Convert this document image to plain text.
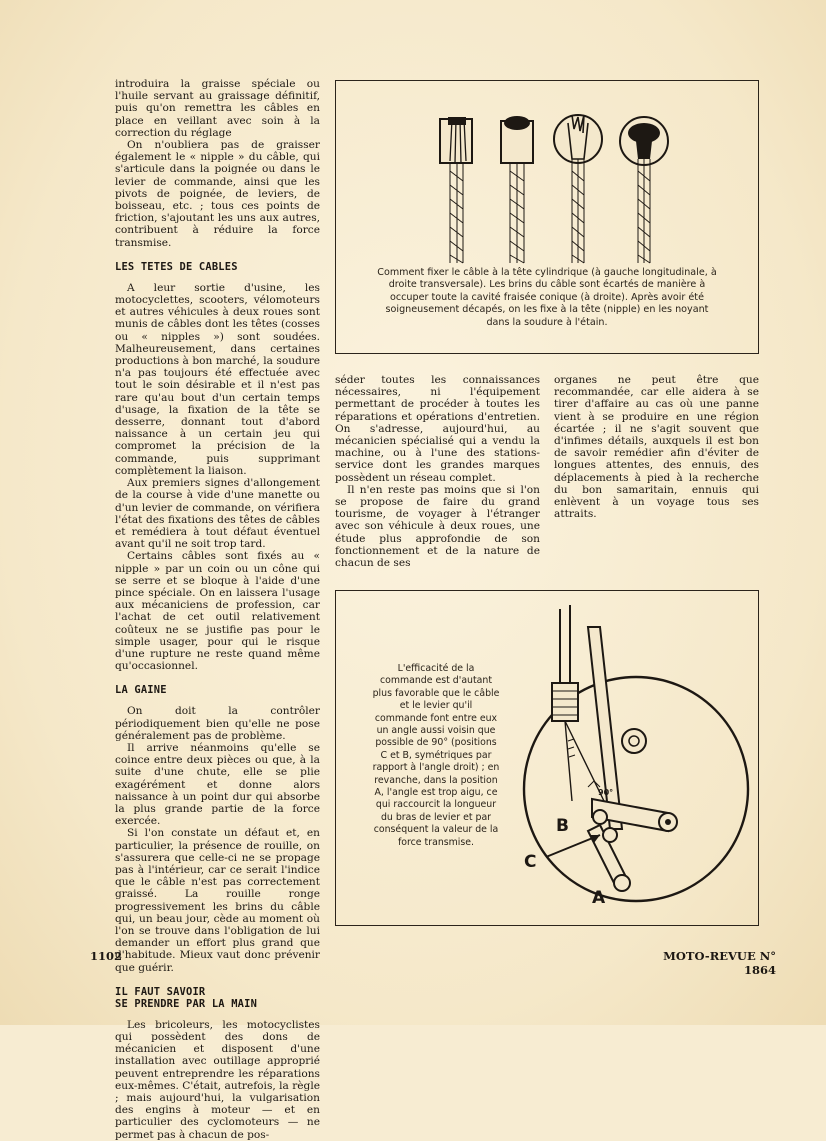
introduira la graisse spéciale ou l'huile servant au graissage définitif, puis qu'on remettra les câbles en place en veillant avec soin à la correction du réglage

On n'oubliera pas de graisser également le « nipple » du câble, qui s'articule dans la poignée ou dans le levier de commande, ainsi que les pivots de poignée, de leviers, de boisseau, etc. ; tous ces points de friction, s'ajoutant les uns aux autres, contribuent à réduire la force transmise.

LES TETES DE CABLES

A leur sortie d'usine, les motocyclettes, scooters, vélomoteurs et autres véhicules à deux roues sont munis de câbles dont les têtes (cosses ou « nipples ») sont soudées. Malheureusement, dans certaines productions à bon marché, la soudure n'a pas toujours été effectuée avec tout le soin désirable et il n'est pas rare qu'au bout d'un certain temps d'usage, la fixation de la tête se desserre, donnant tout d'abord naissance à un certain jeu qui compromet la précision de la commande, puis supprimant complètement la liaison.

Aux premiers signes d'allongement de la course à vide d'une manette ou d'un levier de commande, on vérifiera l'état des fixations des têtes de câbles et remédiera à tout défaut éventuel avant qu'il ne soit trop tard.

Certains câbles sont fixés au « nipple » par un coin ou un cône qui se serre et se bloque à l'aide d'une pince spéciale. On en laissera l'usage aux mécaniciens de profession, car l'achat de cet outil relativement coûteux ne se justifie pas pour le simple usager, pour qui le risque d'une rupture ne reste quand même qu'occasionnel.

LA GAINE

On doit la contrôler périodiquement bien qu'elle ne pose généralement pas de problème.

Il arrive néanmoins qu'elle se coince entre deux pièces ou que, à la suite d'une chute, elle se plie exagérément et donne alors naissance à un point dur qui absorbe la plus grande partie de la force exercée.

Si l'on constate un défaut et, en particulier, la présence de rouille, on s'assurera que celle-ci ne se propage pas à l'intérieur, car ce serait l'indice que le câble n'est pas correctement graissé. La rouille ronge progressivement les brins du câble qui, un beau jour, cède au moment où l'on se trouve dans l'obligation de lui demander un effort plus grand que d'habitude. Mieux vaut donc prévenir que guérir.

IL FAUT SAVOIR
SE PRENDRE PAR LA MAIN

Les bricoleurs, les motocyclistes qui possèdent des dons de mécanicien et disposent d'une installation avec outillage approprié peuvent entreprendre les réparations eux-mêmes. C'était, autrefois, la règle ; mais aujourd'hui, la vulgarisation des engins à moteur — et en particulier des cyclomoteurs — ne permet pas à chacun de pos-

Comment fixer le câble à la tête cylindrique (à gauche longitudinale, à droite transversale). Les brins du câble sont écartés de manière à occuper toute la cavité fraisée conique (à droite). Après avoir été soigneusement décapés, on les fixe à la tête (nipple) en les noyant dans la soudure à l'étain.

séder toutes les connaissances nécessaires, ni l'équipement permettant de procéder à toutes les réparations et opérations d'entretien. On s'adresse, aujourd'hui, au mécanicien spécialisé qui a vendu la machine, ou à l'une des stations-service dont les grandes marques possèdent un réseau complet.

Il n'en reste pas moins que si l'on se propose de faire du grand tourisme, de voyager à l'étranger avec son véhicule à deux roues, une étude plus approfondie de son fonctionnement et de la nature de chacun de ses

organes ne peut être que recommandée, car elle aidera à se tirer d'affaire au cas où une panne vient à se produire en une région écartée ; il ne s'agit souvent que d'infimes détails, auxquels il est bon de savoir remédier afin d'éviter de longues attentes, des ennuis, des déplacements à pied à la recherche du bon samaritain, ennuis qui enlèvent à un voyage tous ses attraits.

L'efficacité de la commande est d'autant plus favorable que le câble et le levier qu'il commande font entre eux un angle aussi voisin que possible de 90° (positions C et B, symétriques par rapport à l'angle droit) ; en revanche, dans la position A, l'angle est trop aigu, ce qui raccourcit la longueur du bras de levier et par conséquent la valeur de la force transmise.
90°
B
C
A
1102	MOTO-REVUE N° 1864
